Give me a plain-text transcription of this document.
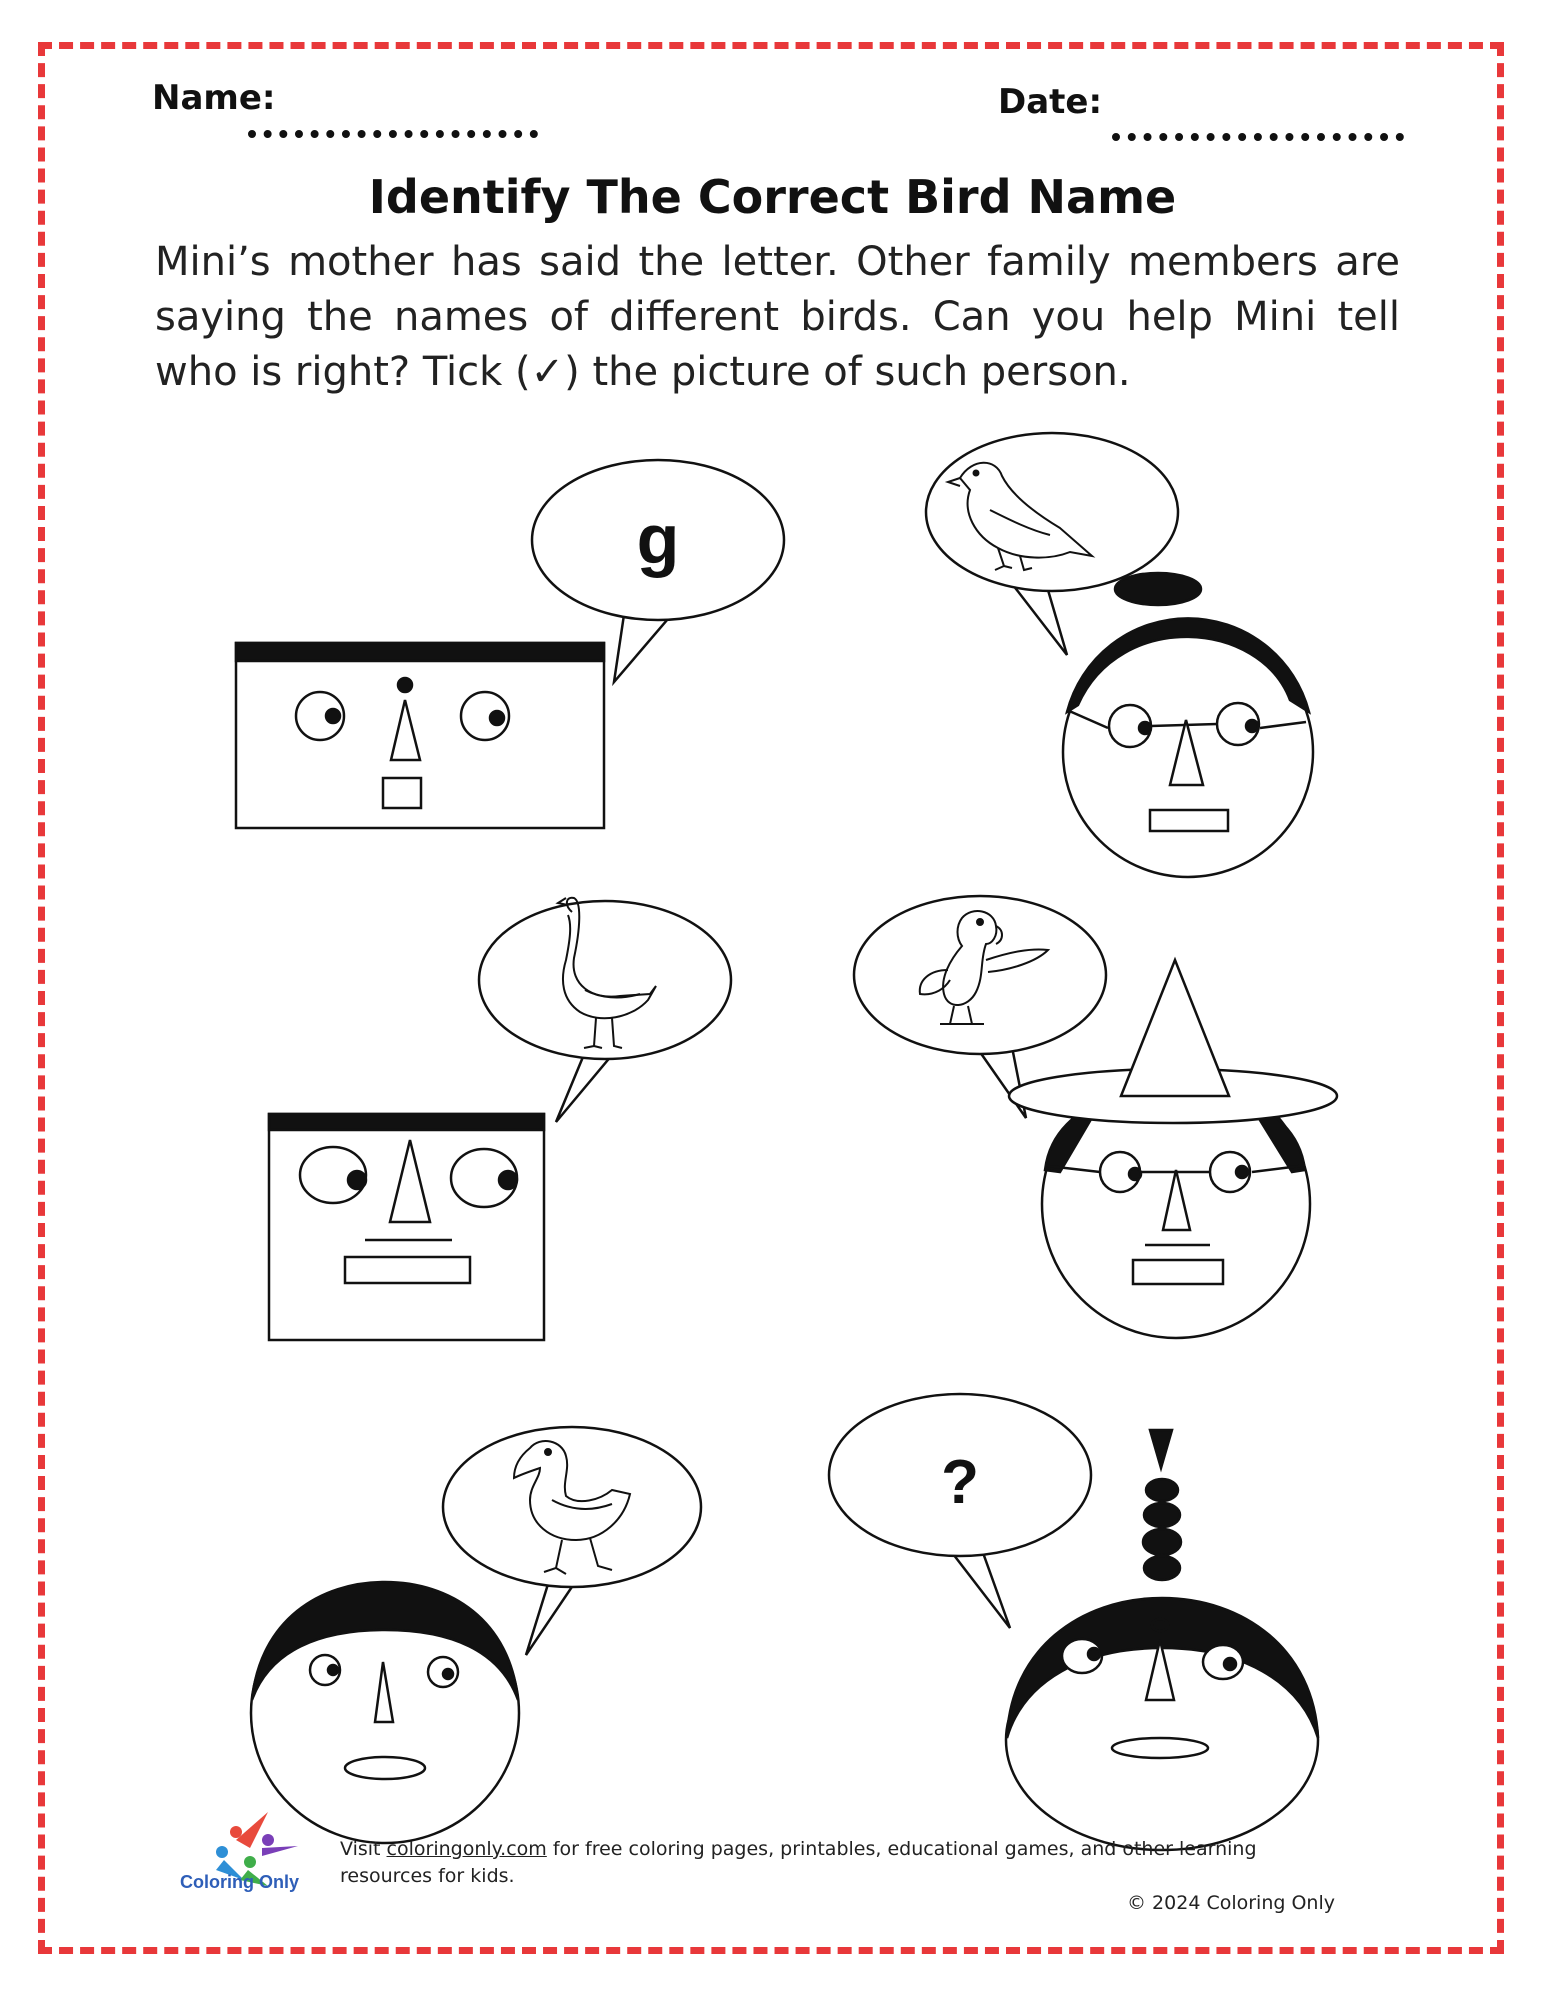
Name:	Date:
Identify The Correct Bird Name
Mini’s mother has said the letter. Other family members are saying the names of different birds. Can you help Mini tell who is right? Tick (✓) the picture of such person.
g
?
Coloring Only
Visit coloringonly.com for free coloring pages, printables, educational games, and other learning resources for kids.
© 2024 Coloring Only
